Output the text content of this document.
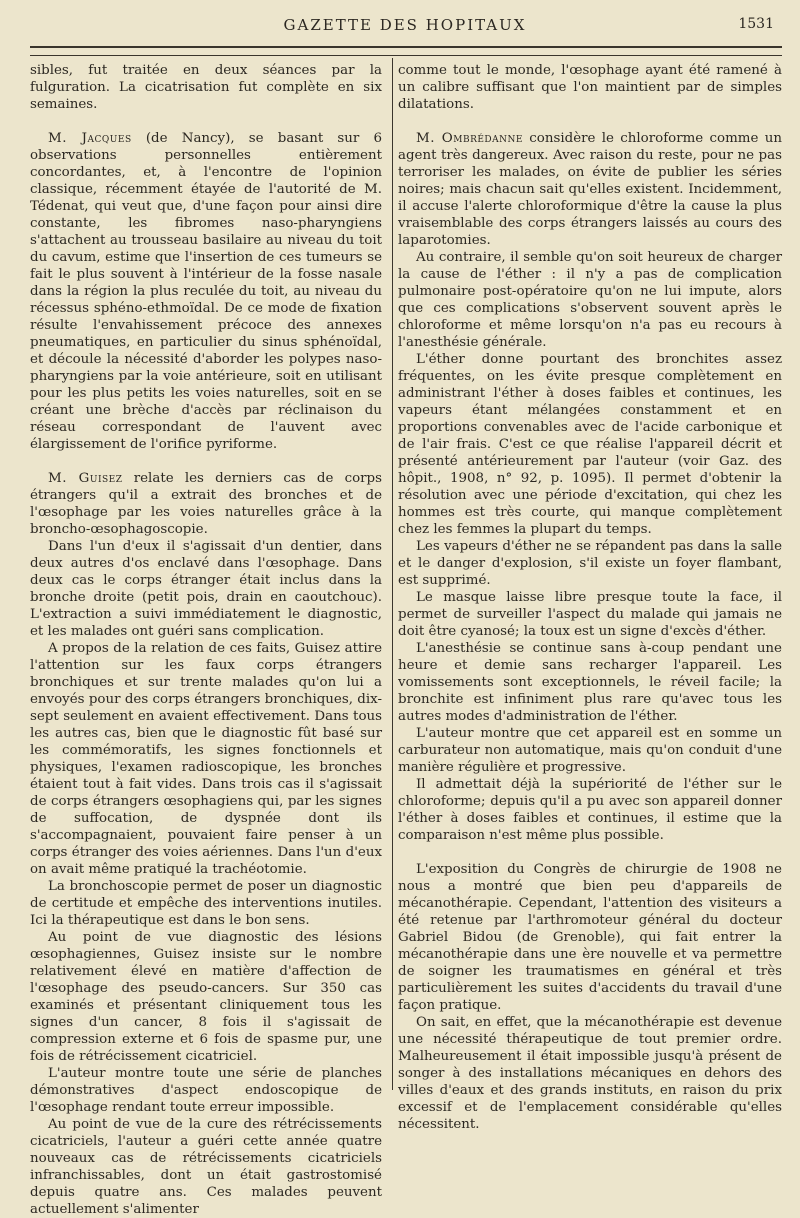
GAZETTE DES HOPITAUX	1531

sibles, fut traitée en deux séances par la fulguration. La cicatrisation fut complète en six semaines.

M. Jacques (de Nancy), se basant sur 6 observations personnelles entièrement concordantes, et, à l'encontre de l'opinion classique, récemment étayée de l'autorité de M. Tédenat, qui veut que, d'une façon pour ainsi dire constante, les fibromes naso-pharyngiens s'attachent au trousseau basilaire au niveau du toit du cavum, estime que l'insertion de ces tumeurs se fait le plus souvent à l'intérieur de la fosse nasale dans la région la plus reculée du toit, au niveau du récessus sphéno-ethmoïdal. De ce mode de fixation résulte l'envahissement précoce des annexes pneumatiques, en particulier du sinus sphénoïdal, et découle la nécessité d'aborder les polypes naso-pharyngiens par la voie antérieure, soit en utilisant pour les plus petits les voies naturelles, soit en se créant une brèche d'accès par réclinaison du réseau correspondant de l'auvent avec élargissement de l'orifice pyriforme.

M. Guisez relate les derniers cas de corps étrangers qu'il a extrait des bronches et de l'œsophage par les voies naturelles grâce à la broncho-œsophagoscopie.

Dans l'un d'eux il s'agissait d'un dentier, dans deux autres d'os enclavé dans l'œsophage. Dans deux cas le corps étranger était inclus dans la bronche droite (petit pois, drain en caoutchouc). L'extraction a suivi immédiatement le diagnostic, et les malades ont guéri sans complication.

A propos de la relation de ces faits, Guisez attire l'attention sur les faux corps étrangers bronchiques et sur trente malades qu'on lui a envoyés pour des corps étrangers bronchiques, dix-sept seulement en avaient effectivement. Dans tous les autres cas, bien que le diagnostic fût basé sur les commémoratifs, les signes fonctionnels et physiques, l'examen radioscopique, les bronches étaient tout à fait vides. Dans trois cas il s'agissait de corps étrangers œsophagiens qui, par les signes de suffocation, de dyspnée dont ils s'accompagnaient, pouvaient faire penser à un corps étranger des voies aériennes. Dans l'un d'eux on avait même pratiqué la trachéotomie.

La bronchoscopie permet de poser un diagnostic de certitude et empêche des interventions inutiles. Ici la thérapeutique est dans le bon sens.

Au point de vue diagnostic des lésions œsophagiennes, Guisez insiste sur le nombre relativement élevé en matière d'affection de l'œsophage des pseudo-cancers. Sur 350 cas examinés et présentant cliniquement tous les signes d'un cancer, 8 fois il s'agissait de compression externe et 6 fois de spasme pur, une fois de rétrécissement cicatriciel.

L'auteur montre toute une série de planches démonstratives d'aspect endoscopique de l'œsophage rendant toute erreur impossible.

Au point de vue de la cure des rétrécissements cicatriciels, l'auteur a guéri cette année quatre nouveaux cas de rétrécissements cicatriciels infranchissables, dont un était gastrostomisé depuis quatre ans. Ces malades peuvent actuellement s'alimenter

comme tout le monde, l'œsophage ayant été ramené à un calibre suffisant que l'on maintient par de simples dilatations.

M. Ombrédanne considère le chloroforme comme un agent très dangereux. Avec raison du reste, pour ne pas terroriser les malades, on évite de publier les séries noires; mais chacun sait qu'elles existent. Incidemment, il accuse l'alerte chloroformique d'être la cause la plus vraisemblable des corps étrangers laissés au cours des laparotomies.

Au contraire, il semble qu'on soit heureux de charger la cause de l'éther : il n'y a pas de complication pulmonaire post-opératoire qu'on ne lui impute, alors que ces complications s'observent souvent après le chloroforme et même lorsqu'on n'a pas eu recours à l'anesthésie générale.

L'éther donne pourtant des bronchites assez fréquentes, on les évite presque complètement en administrant l'éther à doses faibles et continues, les vapeurs étant mélangées constamment et en proportions convenables avec de l'acide carbonique et de l'air frais. C'est ce que réalise l'appareil décrit et présenté antérieurement par l'auteur (voir Gaz. des hôpit., 1908, n° 92, p. 1095). Il permet d'obtenir la résolution avec une période d'excitation, qui chez les hommes est très courte, qui manque complètement chez les femmes la plupart du temps.

Les vapeurs d'éther ne se répandent pas dans la salle et le danger d'explosion, s'il existe un foyer flambant, est supprimé.

Le masque laisse libre presque toute la face, il permet de surveiller l'aspect du malade qui jamais ne doit être cyanosé; la toux est un signe d'excès d'éther.

L'anesthésie se continue sans à-coup pendant une heure et demie sans recharger l'appareil. Les vomissements sont exceptionnels, le réveil facile; la bronchite est infiniment plus rare qu'avec tous les autres modes d'administration de l'éther.

L'auteur montre que cet appareil est en somme un carburateur non automatique, mais qu'on conduit d'une manière régulière et progressive.

Il admettait déjà la supériorité de l'éther sur le chloroforme; depuis qu'il a pu avec son appareil donner l'éther à doses faibles et continues, il estime que la comparaison n'est même plus possible.

L'exposition du Congrès de chirurgie de 1908 ne nous a montré que bien peu d'appareils de mécanothérapie. Cependant, l'attention des visiteurs a été retenue par l'arthromoteur général du docteur Gabriel Bidou (de Grenoble), qui fait entrer la mécanothérapie dans une ère nouvelle et va permettre de soigner les traumatismes en général et très particulièrement les suites d'accidents du travail d'une façon pratique.

On sait, en effet, que la mécanothérapie est devenue une nécessité thérapeutique de tout premier ordre. Malheureusement il était impossible jusqu'à présent de songer à des installations mécaniques en dehors des villes d'eaux et des grands instituts, en raison du prix excessif et de l'emplacement considérable qu'elles nécessitent.
